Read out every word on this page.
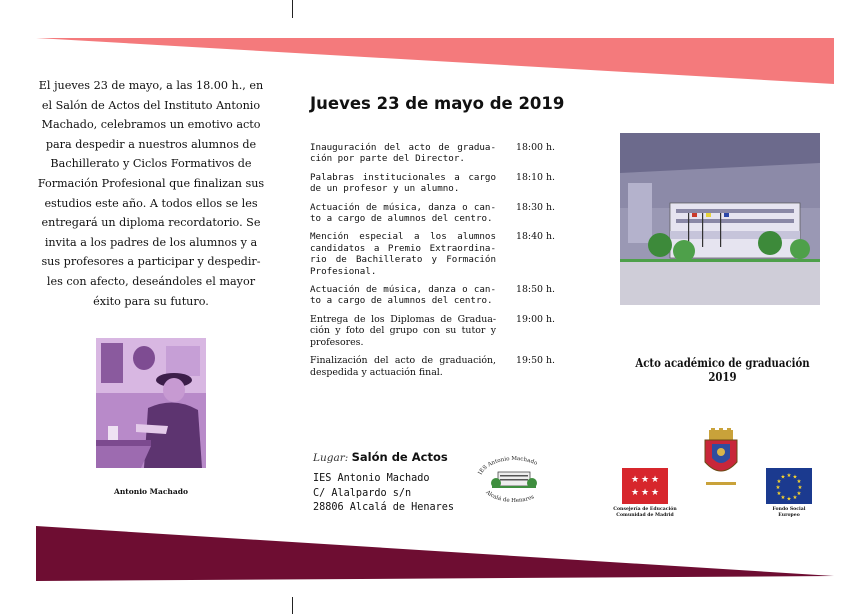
El jueves 23 de mayo, a las 18.00 h., en
el Salón de Actos del Instituto Antonio
Machado, celebramos un emotivo acto
para despedir a nuestros alumnos de
Bachillerato y Ciclos Formativos de
Formación Profesional que finalizan sus
estudios este año. A todos ellos se les
entregará un diploma recordatorio. Se
invita a los padres de los alumnos y a
sus profesores a participar y despedir-
les con afecto, deseándoles el mayor
éxito para su futuro.
Antonio Machado
Jueves 23 de mayo de 2019
Inauguración del acto de gradua-ción por parte del Director.
18:00 h.
Palabras institucionales a cargo de un profesor y un alumno.
18:10 h.
Actuación de música, danza o can-to a cargo de alumnos del centro.
18:30 h.
Mención especial a los alumnos candidatos a Premio Extraordina-rio de Bachillerato y Formación Profesional.
18:40 h.
Actuación de música, danza o can-to a cargo de alumnos del centro.
18:50 h.
Entrega de los Diplomas de Gradua-ción y foto del grupo con su tutor y profesores.
19:00 h.
Finalización del acto de graduación, despedida y actuación final.
19:50 h.
Lugar: Salón de Actos
IES Antonio Machado
C/ Alalpardo s/n
28806 Alcalá de Henares
IES Antonio Machado
Alcalá de Henares
Acto académico de graduación 2019
★ ★ ★
★ ★ ★
Consejería de Educación
Comunidad de Madrid
★ ★
★
★
★
★
★
★
★
★
★
★
Fondo Social
Europeo
